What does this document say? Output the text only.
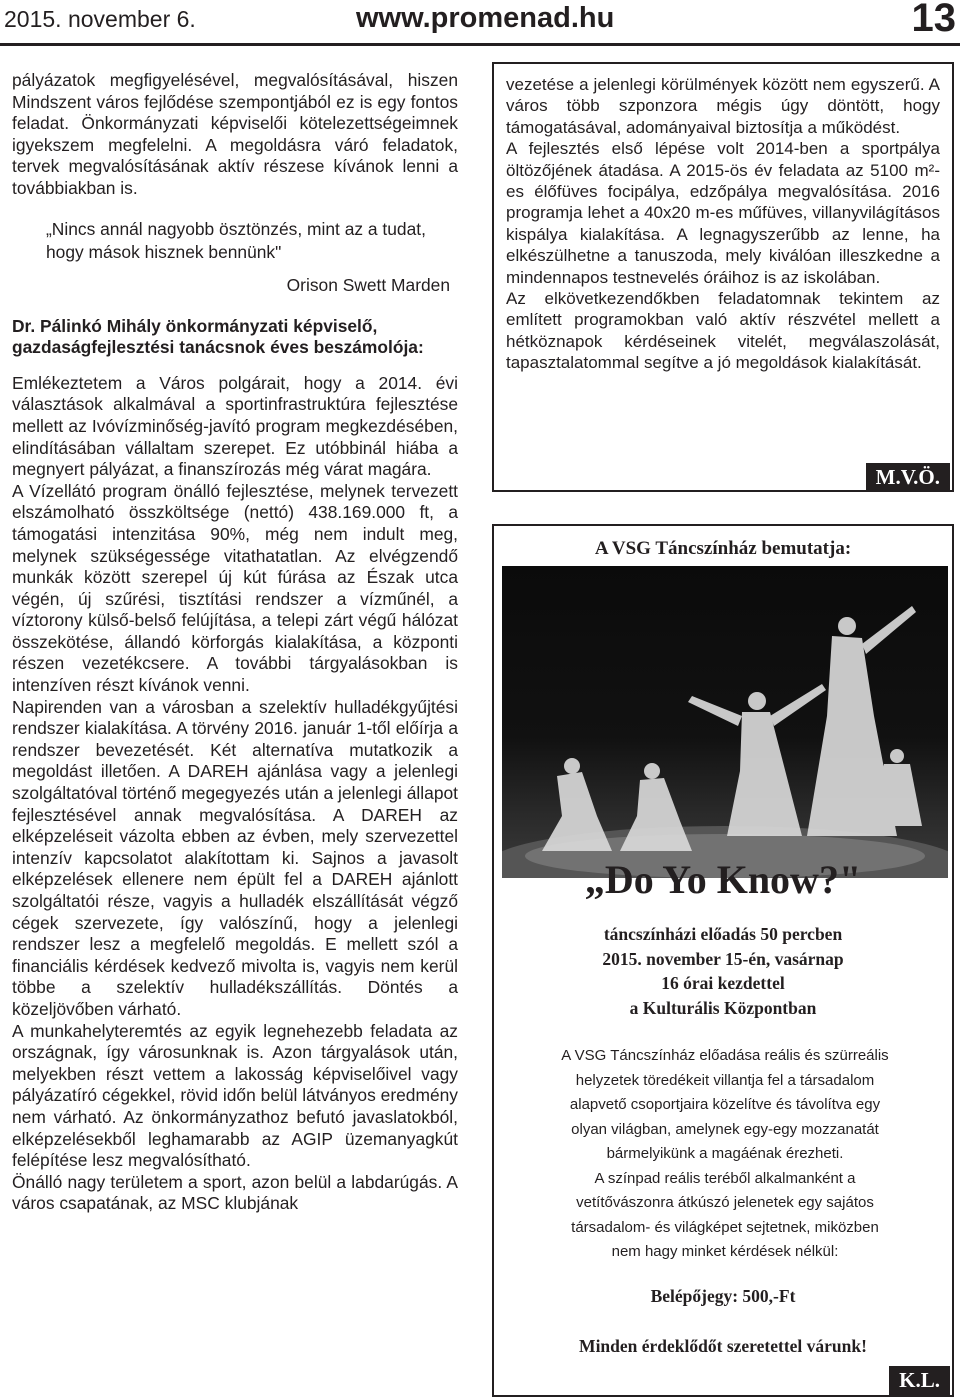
2015. november 6.	www.promenad.hu	13

pályázatok megfigyelésével, megvalósításával, hiszen Mindszent város fejlődése szempontjából ez is egy fontos feladat. Önkormányzati képviselői kötelezettségeimnek igyekszem megfelelni. A megoldásra váró feladatok, tervek megvalósításának aktív részese kívánok lenni a továbbiakban is.

„Nincs annál nagyobb ösztönzés, mint az a tudat, hogy mások hisznek bennünk"

Orison Swett Marden

Dr. Pálinkó Mihály önkormányzati képviselő, gazdaságfejlesztési tanácsnok éves beszámolója:

Emlékeztetem a Város polgárait, hogy a 2014. évi választások alkalmával a sportinfrastruktúra fejlesztése mellett az Ivóvízminőség-javító program megkezdésében, elindításában vállaltam szerepet. Ez utóbbinál hiába a megnyert pályázat, a finanszírozás még várat magára.

A Vízellátó program önálló fejlesztése, melynek tervezett elszámolható összköltsége (nettó) 438.169.000 ft, a támogatási intenzitása 90%, még nem indult meg, melynek szükségessége vitathatatlan. Az elvégzendő munkák között szerepel új kút fúrása az Észak utca végén, új szűrési, tisztítási rendszer a vízműnél, a víztorony külső-belső felújítása, a telepi zárt végű hálózat összekötése, állandó körforgás kialakítása, a központi részen vezetékcsere. A további tárgyalásokban is intenzíven részt kívánok venni.

Napirenden van a városban a szelektív hulladékgyűjtési rendszer kialakítása. A törvény 2016. január 1-től előírja a rendszer bevezetését. Két alternatíva mutatkozik a megoldást illetően. A DAREH ajánlása vagy a jelenlegi szolgáltatóval történő megegyezés után a jelenlegi állapot fejlesztésével annak megvalósítása. A DAREH az elképzeléseit vázolta ebben az évben, mely szervezettel intenzív kapcsolatot alakítottam ki. Sajnos a javasolt elképzelések ellenere nem épült fel a DAREH ajánlott szolgáltatói része, vagyis a hulladék elszállítását végző cégek szervezete, így valószínű, hogy a jelenlegi rendszer lesz a megfelelő megoldás. E mellett szól a financiális kérdések kedvező mivolta is, vagyis nem kerül többe a szelektív hulladékszállítás. Döntés a közeljövőben várható.

A munkahelyteremtés az egyik legnehezebb feladata az országnak, így városunknak is. Azon tárgyalások után, melyekben részt vettem a lakosság képviselőivel vagy pályázatíró cégekkel, rövid időn belül látványos eredmény nem várható. Az önkormányzathoz befutó javaslatokból, elképzelésekből leghamarabb az AGIP üzemanyagkút felépítése lesz megvalósítható.

Önálló nagy területem a sport, azon belül a labdarúgás. A város csapatának, az MSC klubjának

vezetése a jelenlegi körülmények között nem egyszerű. A város több szponzora mégis úgy döntött, hogy támogatásával, adományaival biztosítja a működést.

A fejlesztés első lépése volt 2014-ben a sportpálya öltözőjének átadása. A 2015-ös év feladata az 5100 m²-es élőfüves focipálya, edzőpálya megvalósítása. 2016 programja lehet a 40x20 m-es műfüves, villanyvilágításos kispálya kialakítása. A legnagyszerűbb az lenne, ha elkészülhetne a tanuszoda, mely kiválóan illeszkedne a mindennapos testnevelés óráihoz is az iskolában.

Az elkövetkezendőkben feladatomnak tekintem az említett programokban való aktív részvétel mellett a hétköznapok kérdéseinek vitelét, megválaszolását, tapasztalatommal segítve a jó megoldások kialakítását.

M.V.Ö.
A VSG Táncszínház bemutatja:
„Do Yo Know?"
táncszínházi előadás 50 percben
2015. november 15-én, vasárnap
16 órai kezdettel
a Kulturális Központban
A VSG Táncszínház előadása reális és szürreális
helyzetek töredékeit villantja fel a társadalom
alapvető csoportjaira közelítve és távolítva egy
olyan világban, amelynek egy-egy mozzanatát
bármelyikünk a magáénak érezheti.
A színpad reális teréből alkalmanként a
vetítővászonra átkúszó jelenetek egy sajátos
társadalom- és világképet sejtetnek, miközben
nem hagy minket kérdések nélkül:
Belépőjegy: 500,-Ft
Minden érdeklődőt szeretettel várunk!
K.L.
